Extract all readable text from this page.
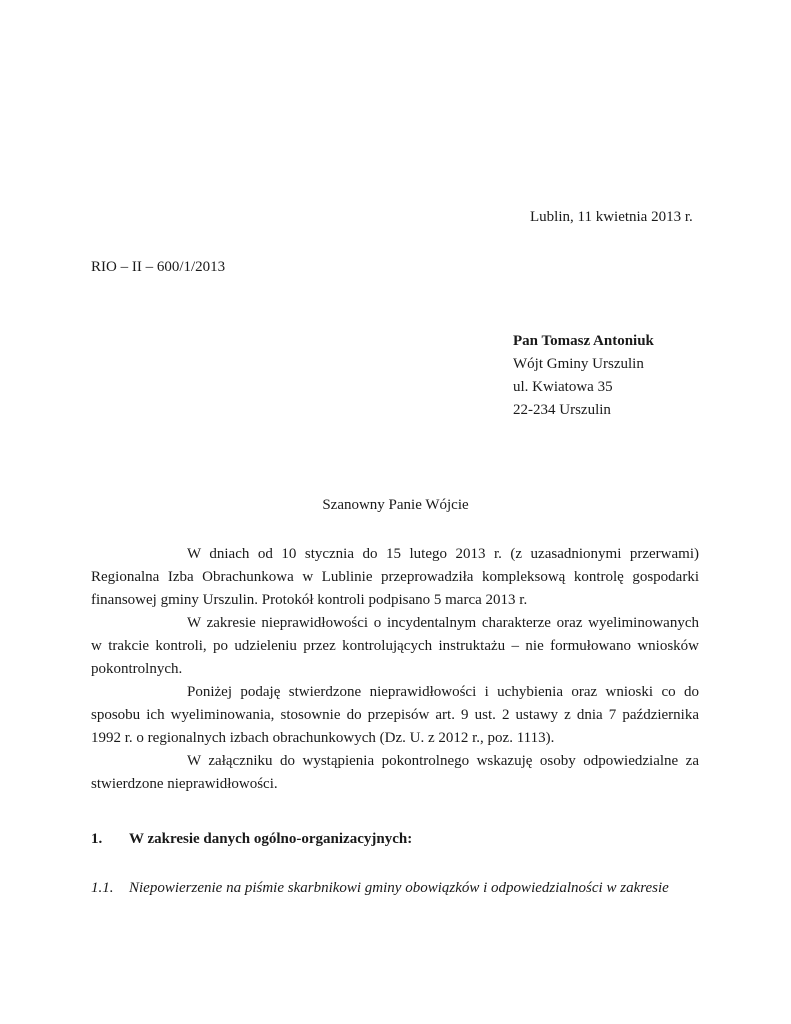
Lublin, 11 kwietnia 2013 r.
RIO – II – 600/1/2013
Pan Tomasz Antoniuk
Wójt Gminy Urszulin
ul. Kwiatowa 35
22-234 Urszulin
Szanowny Panie Wójcie

W dniach od 10 stycznia do 15 lutego 2013 r. (z uzasadnionymi przerwami) Regionalna Izba Obrachunkowa w Lublinie przeprowadziła kompleksową kontrolę gospodarki finansowej gminy Urszulin. Protokół kontroli podpisano 5 marca 2013 r.

W zakresie nieprawidłowości o incydentalnym charakterze oraz wyeliminowanych w trakcie kontroli, po udzieleniu przez kontrolujących instruktażu – nie formułowano wniosków pokontrolnych.

Poniżej podaję stwierdzone nieprawidłowości i uchybienia oraz wnioski co do sposobu ich wyeliminowania, stosownie do przepisów art. 9 ust. 2 ustawy z dnia 7 października 1992 r. o regionalnych izbach obrachunkowych (Dz. U. z 2012 r., poz. 1113).

W załączniku do wystąpienia pokontrolnego wskazuję osoby odpowiedzialne za stwierdzone nieprawidłowości.

1. W zakresie danych ogólno-organizacyjnych:
1.1. Niepowierzenie na piśmie skarbnikowi gminy obowiązków i odpowiedzialności w zakresie
